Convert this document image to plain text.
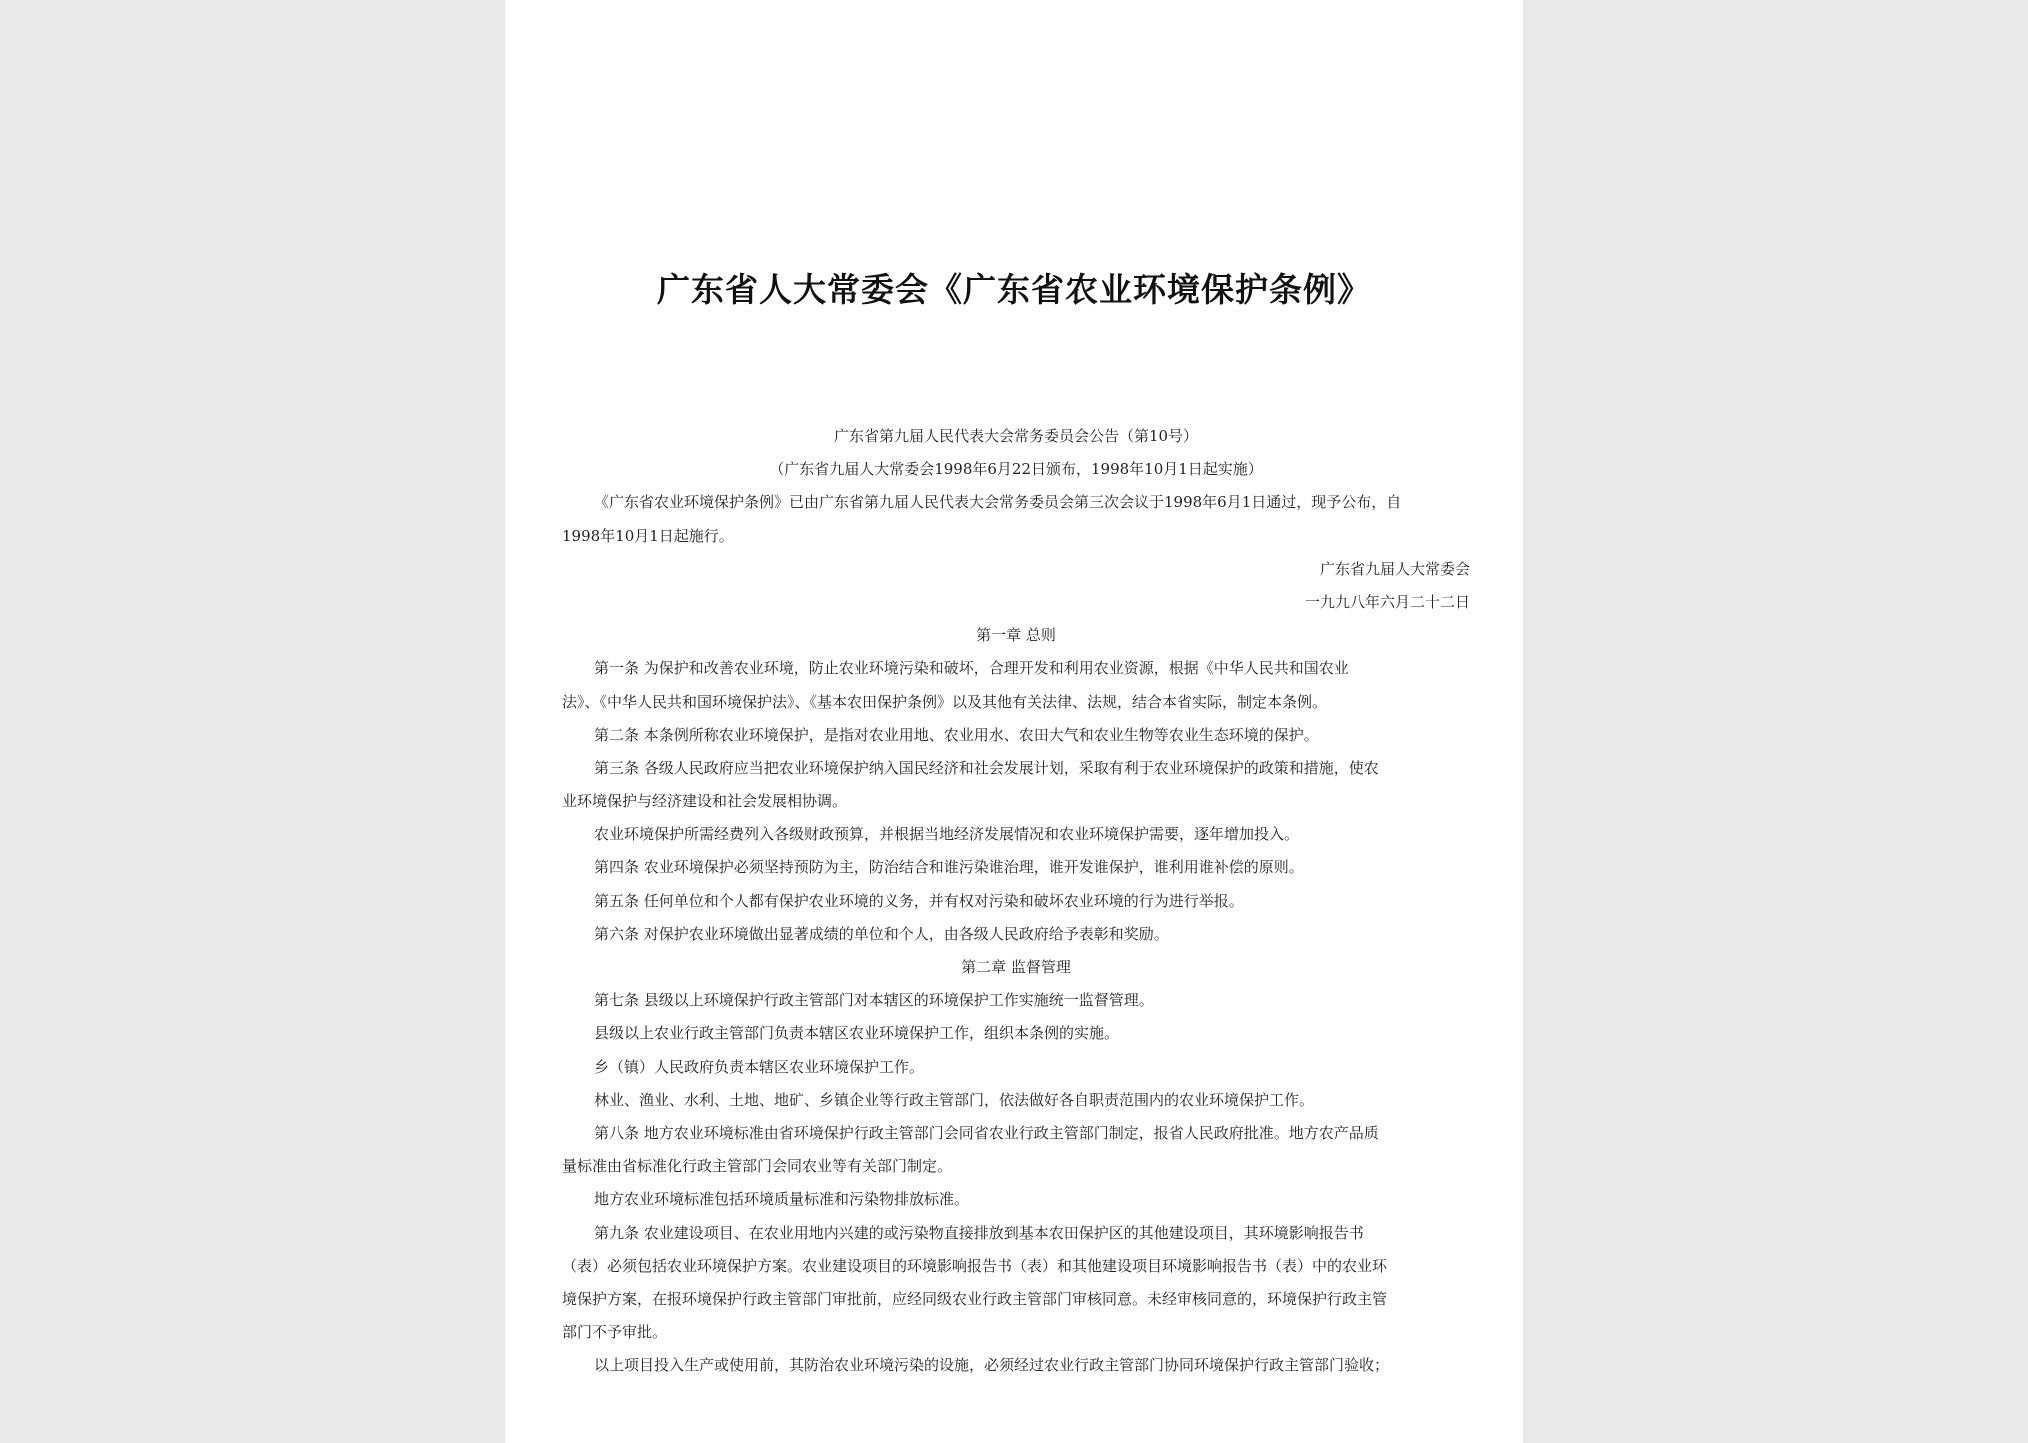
广东省人大常委会《广东省农业环境保护条例》
广东省第九届人民代表大会常务委员会公告（第10号）
（广东省九届人大常委会1998年6月22日颁布，1998年10月1日起实施）
《广东省农业环境保护条例》已由广东省第九届人民代表大会常务委员会第三次会议于1998年6月1日通过，现予公布，自
1998年10月1日起施行。
广东省九届人大常委会
一九九八年六月二十二日
第一章 总则
第一条 为保护和改善农业环境，防止农业环境污染和破坏，合理开发和利用农业资源，根据《中华人民共和国农业
法》、《中华人民共和国环境保护法》、《基本农田保护条例》以及其他有关法律、法规，结合本省实际，制定本条例。
第二条 本条例所称农业环境保护，是指对农业用地、农业用水、农田大气和农业生物等农业生态环境的保护。
第三条 各级人民政府应当把农业环境保护纳入国民经济和社会发展计划，采取有利于农业环境保护的政策和措施，使农
业环境保护与经济建设和社会发展相协调。
农业环境保护所需经费列入各级财政预算，并根据当地经济发展情况和农业环境保护需要，逐年增加投入。
第四条 农业环境保护必须坚持预防为主，防治结合和谁污染谁治理，谁开发谁保护，谁利用谁补偿的原则。
第五条 任何单位和个人都有保护农业环境的义务，并有权对污染和破坏农业环境的行为进行举报。
第六条 对保护农业环境做出显著成绩的单位和个人，由各级人民政府给予表彰和奖励。
第二章 监督管理
第七条 县级以上环境保护行政主管部门对本辖区的环境保护工作实施统一监督管理。
县级以上农业行政主管部门负责本辖区农业环境保护工作，组织本条例的实施。
乡（镇）人民政府负责本辖区农业环境保护工作。
林业、渔业、水利、土地、地矿、乡镇企业等行政主管部门，依法做好各自职责范围内的农业环境保护工作。
第八条 地方农业环境标准由省环境保护行政主管部门会同省农业行政主管部门制定，报省人民政府批准。地方农产品质
量标准由省标准化行政主管部门会同农业等有关部门制定。
地方农业环境标准包括环境质量标准和污染物排放标准。
第九条 农业建设项目、在农业用地内兴建的或污染物直接排放到基本农田保护区的其他建设项目，其环境影响报告书
（表）必须包括农业环境保护方案。农业建设项目的环境影响报告书（表）和其他建设项目环境影响报告书（表）中的农业环
境保护方案，在报环境保护行政主管部门审批前，应经同级农业行政主管部门审核同意。未经审核同意的，环境保护行政主管
部门不予审批。
以上项目投入生产或使用前，其防治农业环境污染的设施，必须经过农业行政主管部门协同环境保护行政主管部门验收；
